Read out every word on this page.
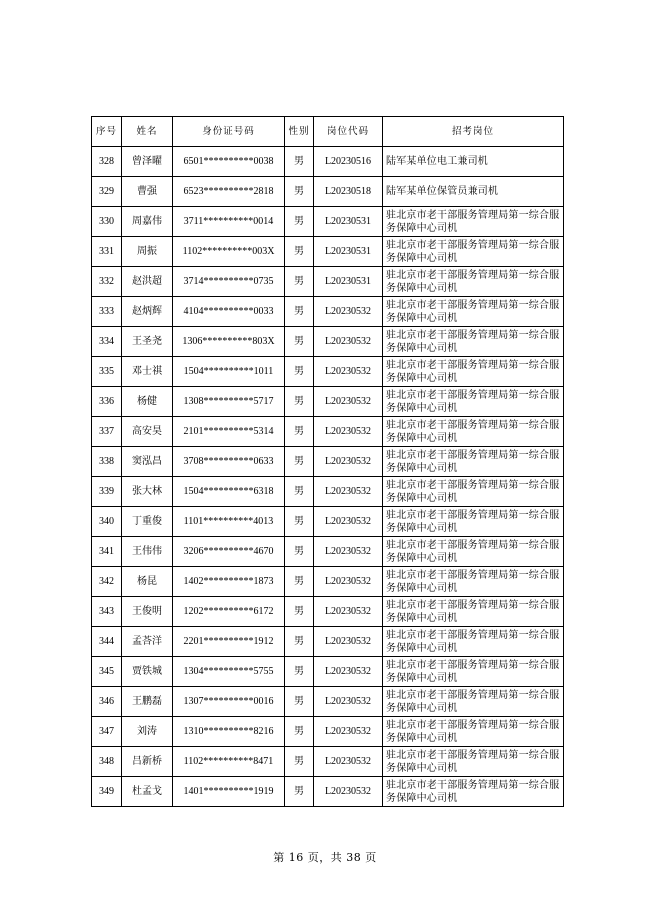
序号	姓名	身份证号码	性别	岗位代码	招考岗位
328	曾泽曜	6501**********0038	男	L20230516	陆军某单位电工兼司机
329	曹强	6523**********2818	男	L20230518	陆军某单位保管员兼司机
330	周嘉伟	3711**********0014	男	L20230531	驻北京市老干部服务管理局第一综合服务保障中心司机
331	周振	1102**********003X	男	L20230531	驻北京市老干部服务管理局第一综合服务保障中心司机
332	赵洪超	3714**********0735	男	L20230531	驻北京市老干部服务管理局第一综合服务保障中心司机
333	赵炳辉	4104**********0033	男	L20230532	驻北京市老干部服务管理局第一综合服务保障中心司机
334	王圣尧	1306**********803X	男	L20230532	驻北京市老干部服务管理局第一综合服务保障中心司机
335	邓士祺	1504**********1011	男	L20230532	驻北京市老干部服务管理局第一综合服务保障中心司机
336	杨健	1308**********5717	男	L20230532	驻北京市老干部服务管理局第一综合服务保障中心司机
337	高安昊	2101**********5314	男	L20230532	驻北京市老干部服务管理局第一综合服务保障中心司机
338	窦泓昌	3708**********0633	男	L20230532	驻北京市老干部服务管理局第一综合服务保障中心司机
339	张大林	1504**********6318	男	L20230532	驻北京市老干部服务管理局第一综合服务保障中心司机
340	丁重俊	1101**********4013	男	L20230532	驻北京市老干部服务管理局第一综合服务保障中心司机
341	王伟伟	3206**********4670	男	L20230532	驻北京市老干部服务管理局第一综合服务保障中心司机
342	杨昆	1402**********1873	男	L20230532	驻北京市老干部服务管理局第一综合服务保障中心司机
343	王俊明	1202**********6172	男	L20230532	驻北京市老干部服务管理局第一综合服务保障中心司机
344	孟荅洋	2201**********1912	男	L20230532	驻北京市老干部服务管理局第一综合服务保障中心司机
345	贾铁城	1304**********5755	男	L20230532	驻北京市老干部服务管理局第一综合服务保障中心司机
346	王鹏磊	1307**********0016	男	L20230532	驻北京市老干部服务管理局第一综合服务保障中心司机
347	刘涛	1310**********8216	男	L20230532	驻北京市老干部服务管理局第一综合服务保障中心司机
348	吕新桥	1102**********8471	男	L20230532	驻北京市老干部服务管理局第一综合服务保障中心司机
349	杜孟戈	1401**********1919	男	L20230532	驻北京市老干部服务管理局第一综合服务保障中心司机
第 16 页，共 38 页
